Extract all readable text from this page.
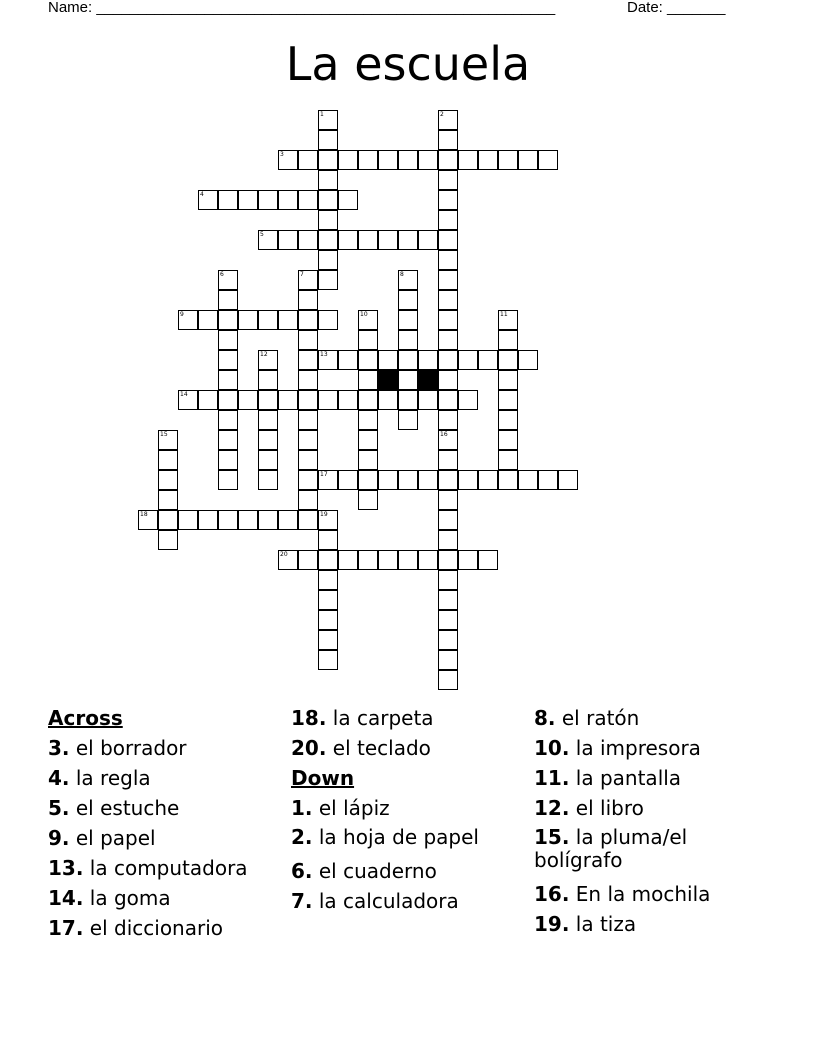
Name: _______________________________________________________	Date: _______
La escuela
1	2
16
3
4
5
6	7	8
9	10	11
12	13
14
15
17
18	19
20

Across

3. el borrador

4. la regla

5. el estuche

9. el papel

13. la computadora

14. la goma

17. el diccionario

18. la carpeta

20. el teclado

Down

1. el lápiz

2. la hoja de papel

6. el cuaderno

7. la calculadora

8. el ratón

10. la impresora

11. la pantalla

12. el libro

15. la pluma/el bolígrafo

16. En la mochila

19. la tiza
